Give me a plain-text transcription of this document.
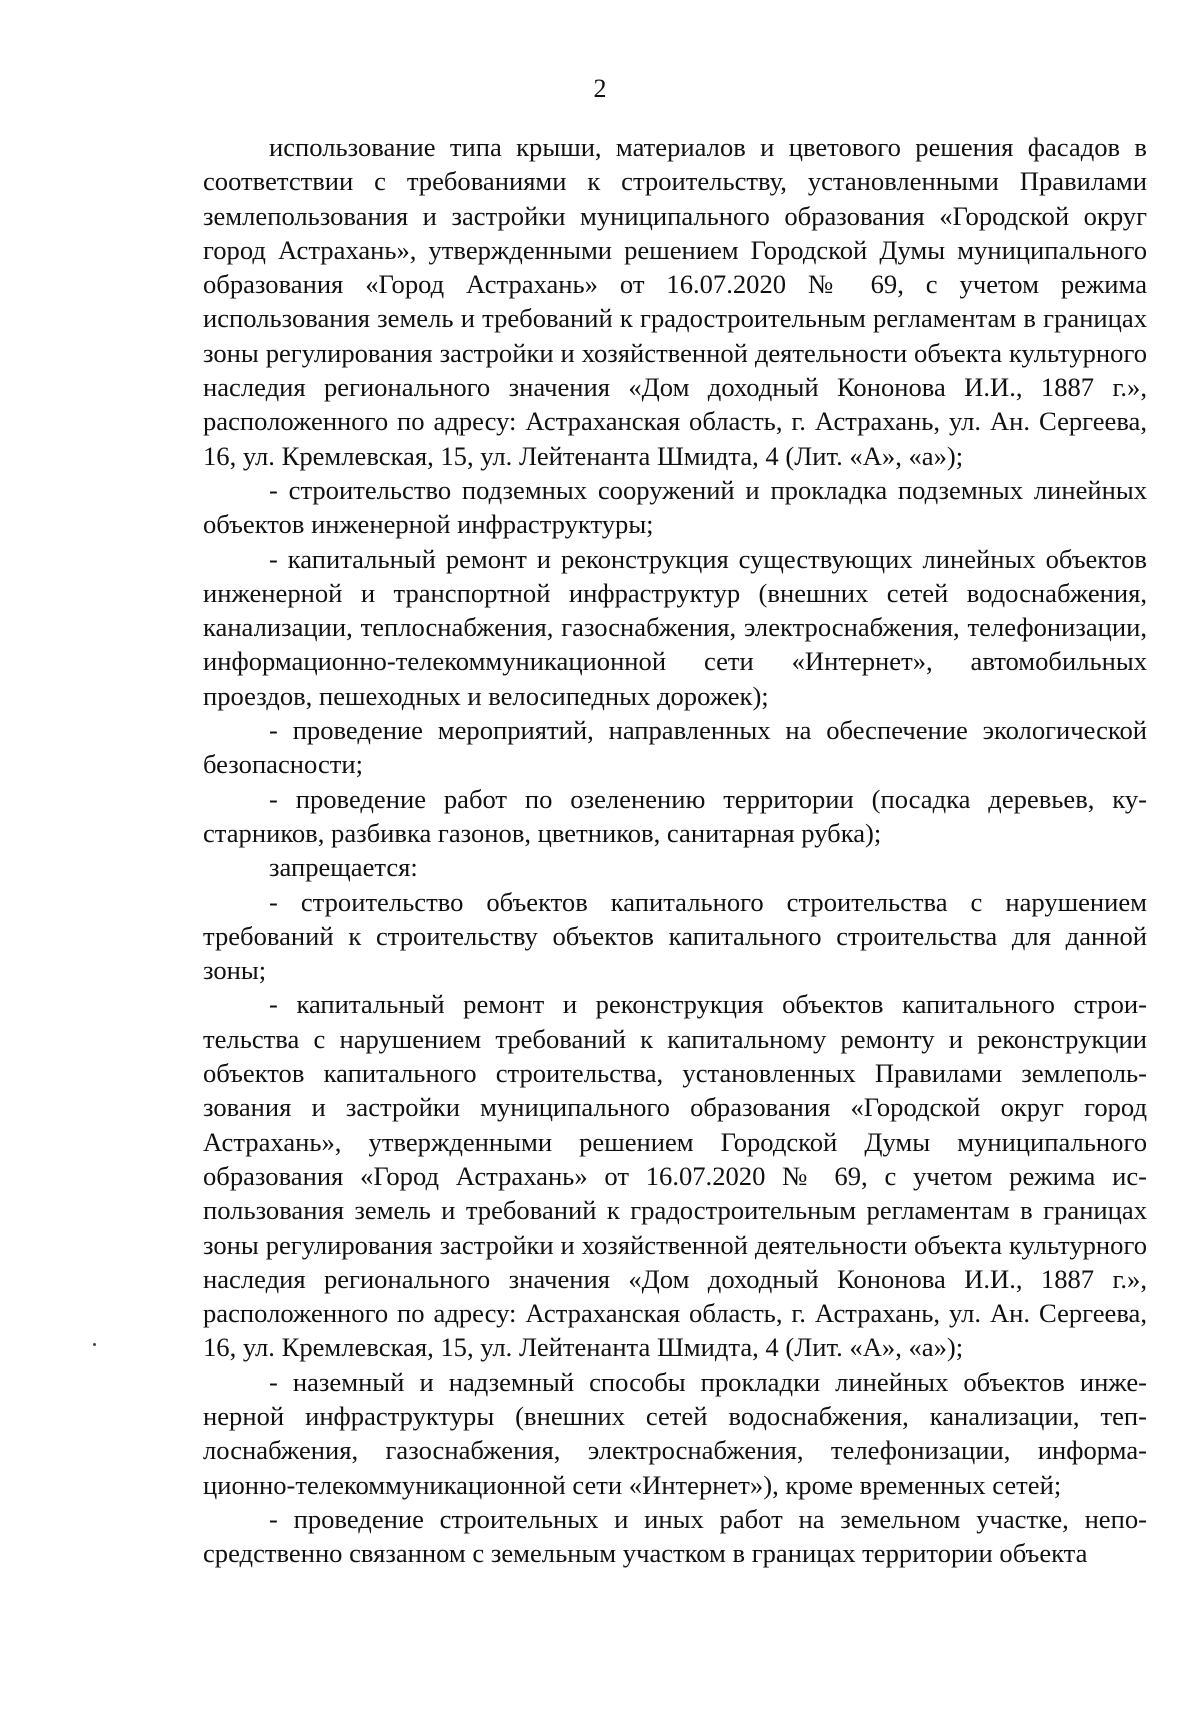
2

использование типа крыши, материалов и цветового решения фасадов в соответствии с требованиями к строительству, установленными Правилами землепользования и застройки муниципального образования «Городской округ город Астрахань», утвержденными решением Городской Думы муниципального образования «Город Астрахань» от 16.07.2020 № 69, с учетом режима использования земель и требований к градостроительным регламентам в границах зоны регулирования застройки и хозяйственной деятельности объекта культурного наследия регионального значения «Дом доходный Кононова И.И., 1887 г.», расположенного по адресу: Астраханская область, г. Астрахань, ул. Ан. Сергеева, 16, ул. Кремлевская, 15, ул. Лейтенанта Шмидта, 4 (Лит. «А», «а»);

- строительство подземных сооружений и прокладка подземных линейных объектов инженерной инфраструктуры;

- капитальный ремонт и реконструкция существующих линейных объектов инженерной и транспортной инфраструктур (внешних сетей водоснабжения, канализации, теплоснабжения, газоснабжения, электроснабжения, телефонизации, информационно-телекоммуникационной сети «Интернет», автомобильных проездов, пешеходных и велосипедных дорожек);

- проведение мероприятий, направленных на обеспечение экологической безопасности;

- проведение работ по озеленению территории (посадка деревьев, кустарников, разбивка газонов, цветников, санитарная рубка);

запрещается:

- строительство объектов капитального строительства с нарушением требований к строительству объектов капитального строительства для данной зоны;

- капитальный ремонт и реконструкция объектов капитального строительства с нарушением требований к капитальному ремонту и реконструкции объектов капитального строительства, установленных Правилами землепользования и застройки муниципального образования «Городской округ город Астрахань», утвержденными решением Городской Думы муниципального образования «Город Астрахань» от 16.07.2020 № 69, с учетом режима использования земель и требований к градостроительным регламентам в границах зоны регулирования застройки и хозяйственной деятельности объекта культурного наследия регионального значения «Дом доходный Кононова И.И., 1887 г.», расположенного по адресу: Астраханская область, г. Астрахань, ул. Ан. Сергеева, 16, ул. Кремлевская, 15, ул. Лейтенанта Шмидта, 4 (Лит. «А», «а»);

- наземный и надземный способы прокладки линейных объектов инженерной инфраструктуры (внешних сетей водоснабжения, канализации, теплоснабжения, газоснабжения, электроснабжения, телефонизации, информационно-телекоммуникационной сети «Интернет»), кроме временных сетей;

- проведение строительных и иных работ на земельном участке, непосредственно связанном с земельным участком в границах территории объекта
